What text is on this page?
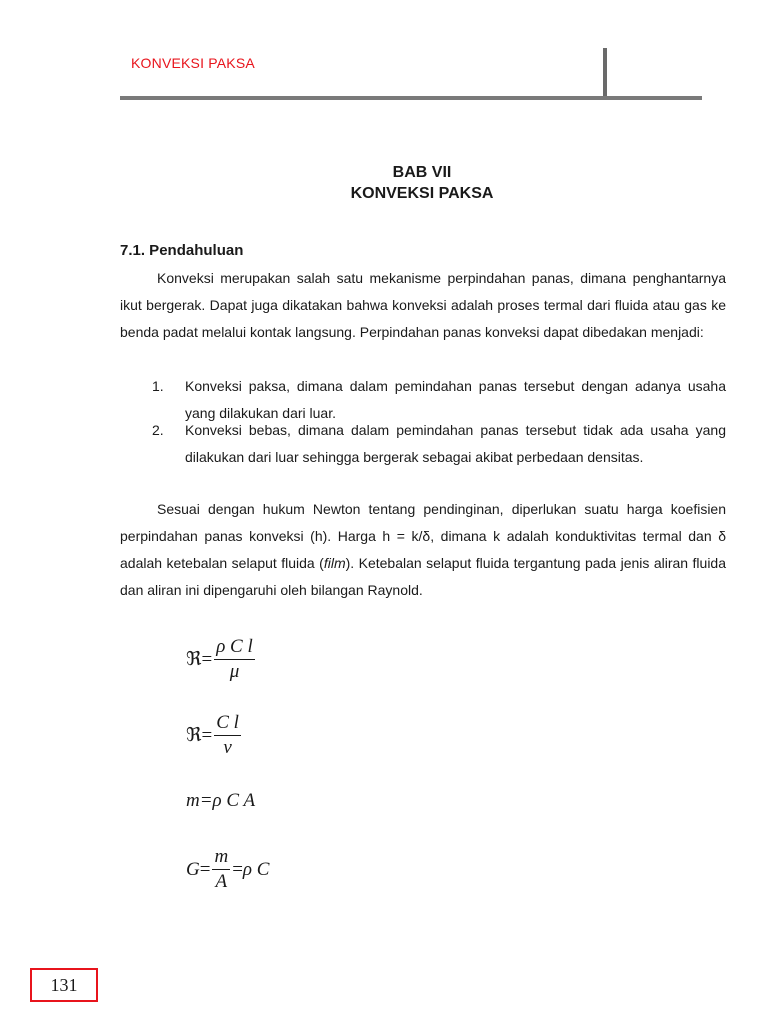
KONVEKSI PAKSA
BAB VII
KONVEKSI PAKSA
7.1. Pendahuluan
Konveksi merupakan salah satu mekanisme perpindahan panas, dimana penghantarnya ikut bergerak. Dapat juga dikatakan bahwa konveksi adalah proses termal dari fluida atau gas ke benda padat melalui kontak langsung. Perpindahan panas konveksi dapat dibedakan menjadi:
1. Konveksi paksa, dimana dalam pemindahan panas tersebut dengan adanya usaha yang dilakukan dari luar.
2. Konveksi bebas, dimana dalam pemindahan panas tersebut tidak ada usaha yang dilakukan dari luar sehingga bergerak sebagai akibat perbedaan densitas.
Sesuai dengan hukum Newton tentang pendinginan, diperlukan suatu harga koefisien perpindahan panas konveksi (h). Harga h = k/δ, dimana k adalah konduktivitas termal dan δ adalah ketebalan selaput fluida (film). Ketebalan selaput fluida tergantung pada jenis aliran fluida dan aliran ini dipengaruhi oleh bilangan Raynold.
ℜ = $\frac{\text{ρ C l}}{\mu}$
ℜ = $\frac{\text{C l}}{v}$
m=ρ C A
$G = \frac{m}{A} = \rho$ C
131
